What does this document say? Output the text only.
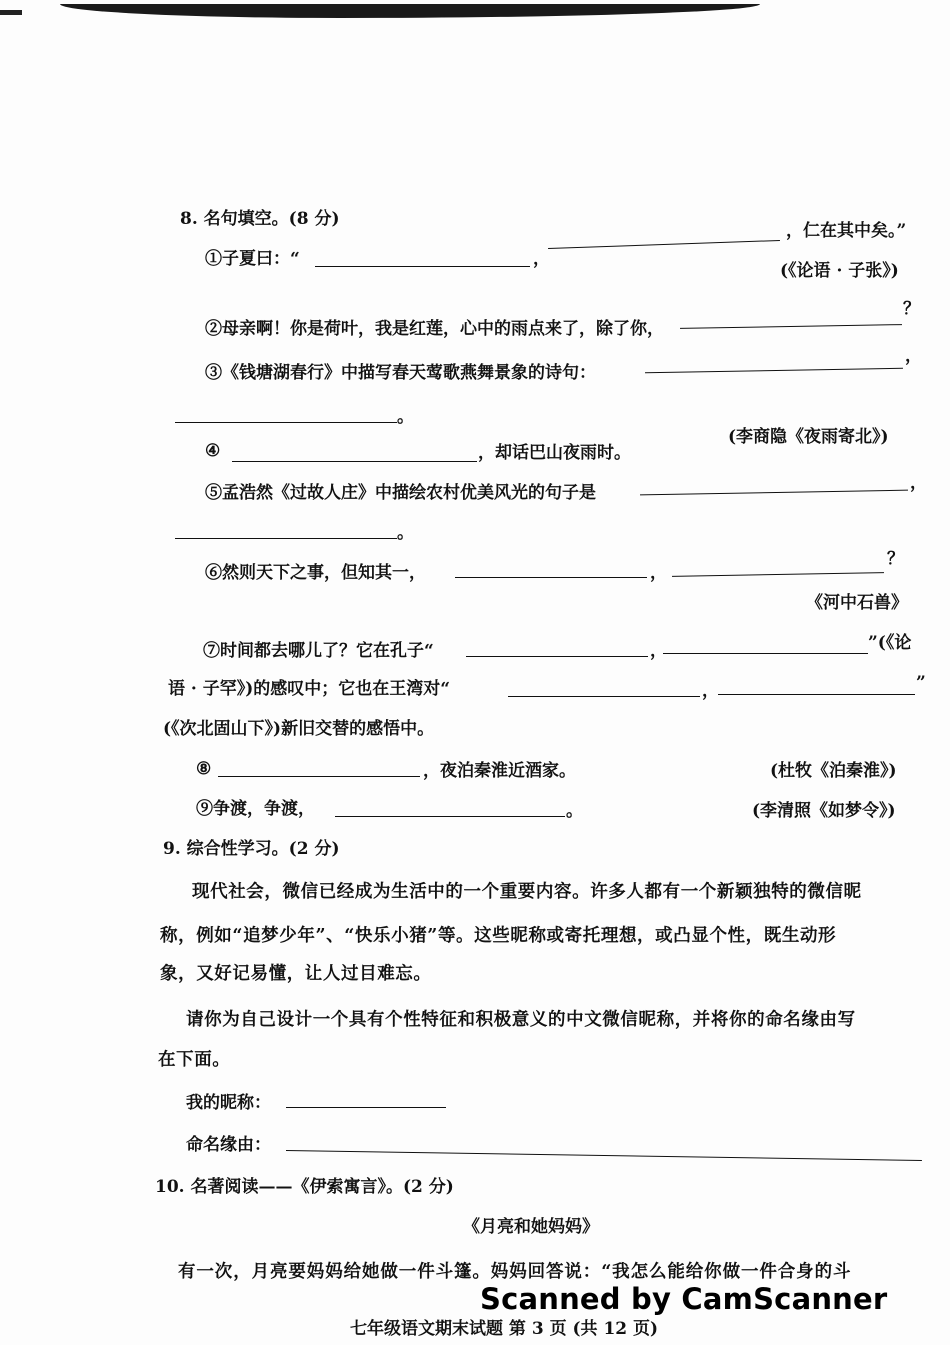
8. 名句填空。(8 分)
，仁在其中矣。”
①子夏曰：“	，
(《论语 · 子张》)
②母亲啊！你是荷叶，我是红莲，心中的雨点来了，除了你，
？
③《钱塘湖春行》中描写春天莺歌燕舞景象的诗句：
，
。
④	，却话巴山夜雨时。
(李商隐《夜雨寄北》)
⑤孟浩然《过故人庄》中描绘农村优美风光的句子是	，
。
⑥然则天下之事，但知其一，	，
？
《河中石兽》
⑦时间都去哪儿了？它在孔子“	，	”(《论
语 · 子罕》)的感叹中；它也在王湾对“	，	”
(《次北固山下》)新旧交替的感悟中。
⑧	，夜泊秦淮近酒家。	(杜牧《泊秦淮》)
⑨争渡，争渡，	。	(李清照《如梦令》)
9. 综合性学习。(2 分)
现代社会，微信已经成为生活中的一个重要内容。许多人都有一个新颖独特的微信昵
称，例如“追梦少年”、“快乐小猪”等。这些昵称或寄托理想，或凸显个性，既生动形
象，又好记易懂，让人过目难忘。
请你为自己设计一个具有个性特征和积极意义的中文微信昵称，并将你的命名缘由写
在下面。
我的昵称：
命名缘由：
10. 名著阅读——《伊索寓言》。(2 分)
《月亮和她妈妈》
有一次，月亮要妈妈给她做一件斗篷。妈妈回答说：“我怎么能给你做一件合身的斗
七年级语文期末试题 第 3 页 (共 12 页)
Scanned by CamScanner
